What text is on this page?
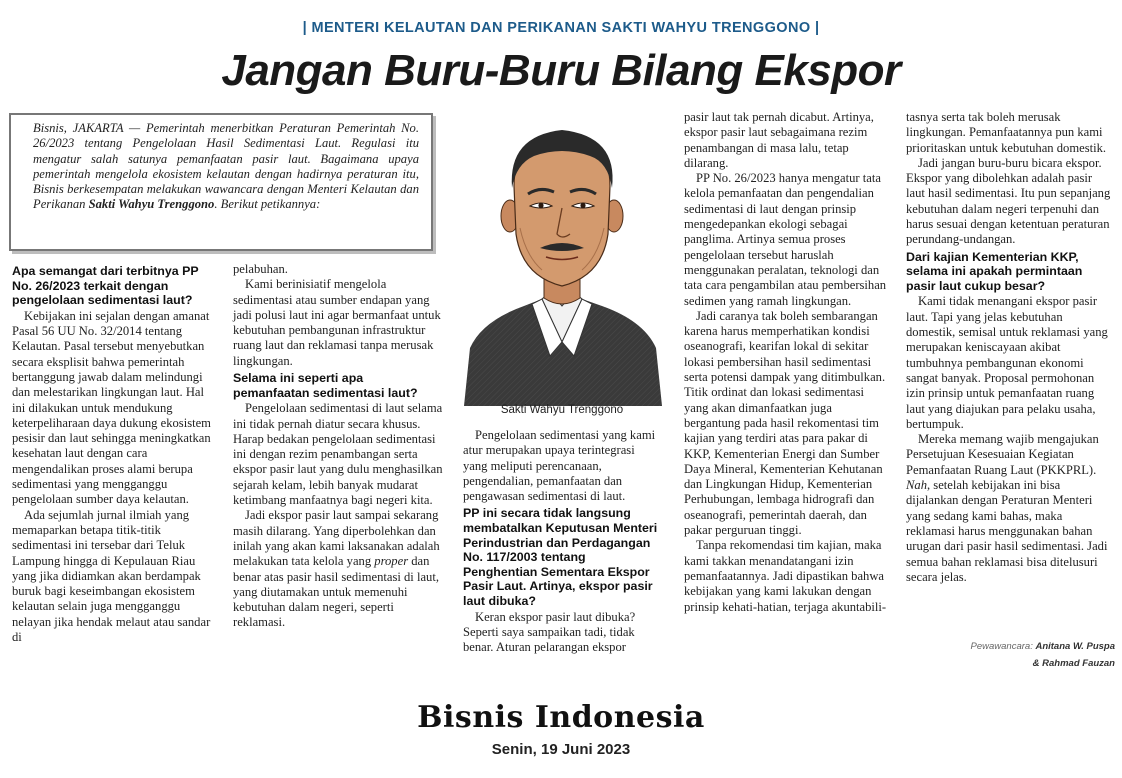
| MENTERI KELAUTAN DAN PERIKANAN SAKTI WAHYU TRENGGONO |
Jangan Buru-Buru Bilang Ekspor

Bisnis, JAKARTA — Pemerintah menerbitkan Peraturan Pemerintah No. 26/2023 tentang Pengelolaan Hasil Sedimentasi Laut. Regulasi itu mengatur salah satunya pemanfaatan pasir laut. Bagaimana upaya pemerintah mengelola ekosistem kelautan dengan hadirnya peraturan itu, Bisnis berkesempatan melakukan wawancara dengan Menteri Kelautan dan Perikanan Sakti Wahyu Trenggono. Berikut petikannya:

Apa semangat dari terbitnya PP No. 26/2023 terkait dengan pengelolaan sedimentasi laut?

Kebijakan ini sejalan dengan amanat Pasal 56 UU No. 32/2014 tentang Kelautan. Pasal tersebut menyebutkan secara eksplisit bahwa pemerintah bertanggung jawab dalam melindungi dan melestarikan lingkungan laut. Hal ini dilakukan untuk mendukung keterpeliharaan daya dukung ekosistem pesisir dan laut sehingga meningkatkan kesehatan laut dengan cara mengendalikan proses alami berupa sedimentasi yang mengganggu pengelolaan sumber daya kelautan.

Ada sejumlah jurnal ilmiah yang memaparkan betapa titik-titik sedimentasi ini tersebar dari Teluk Lampung hingga di Kepulauan Riau yang jika didiamkan akan berdampak buruk bagi keseimbangan ekosistem kelautan selain juga mengganggu nelayan jika hendak melaut atau sandar di

pelabuhan.

Kami berinisiatif mengelola sedimentasi atau sumber endapan yang jadi polusi laut ini agar bermanfaat untuk kebutuhan pembangunan infrastruktur ruang laut dan reklamasi tanpa merusak lingkungan.

Selama ini seperti apa pemanfaatan sedimentasi laut?

Pengelolaan sedimentasi di laut selama ini tidak pernah diatur secara khusus. Harap bedakan pengelolaan sedimentasi ini dengan rezim penambangan serta ekspor pasir laut yang dulu menghasilkan sejarah kelam, lebih banyak mudarat ketimbang manfaatnya bagi negeri kita.

Jadi ekspor pasir laut sampai sekarang masih dilarang. Yang diperbolehkan dan inilah yang akan kami laksanakan adalah melakukan tata kelola yang proper dan benar atas pasir hasil sedimentasi di laut, yang diutamakan untuk memenuhi kebutuhan dalam negeri, seperti reklamasi.

Sakti Wahyu Trenggono

Pengelolaan sedimentasi yang kami atur merupakan upaya terintegrasi yang meliputi perencanaan, pengendalian, pemanfaatan dan pengawasan sedimentasi di laut.

PP ini secara tidak langsung membatalkan Keputusan Menteri Perindustrian dan Perdagangan No. 117/2003 tentang Penghentian Sementara Ekspor Pasir Laut. Artinya, ekspor pasir laut dibuka?

Keran ekspor pasir laut dibuka? Seperti saya sampaikan tadi, tidak benar. Aturan pelarangan ekspor

pasir laut tak pernah dicabut. Artinya, ekspor pasir laut sebagaimana rezim penambangan di masa lalu, tetap dilarang.

PP No. 26/2023 hanya mengatur tata kelola pemanfaatan dan pengendalian sedimentasi di laut dengan prinsip mengedepankan ekologi sebagai panglima. Artinya semua proses pengelolaan tersebut haruslah menggunakan peralatan, teknologi dan tata cara pengambilan atau pembersihan sedimen yang ramah lingkungan.

Jadi caranya tak boleh sembarangan karena harus memperhatikan kondisi oseanografi, kearifan lokal di sekitar lokasi pembersihan hasil sedimentasi serta potensi dampak yang ditimbulkan. Titik ordinat dan lokasi sedimentasi yang akan dimanfaatkan juga bergantung pada hasil rekomentasi tim kajian yang terdiri atas para pakar di KKP, Kementerian Energi dan Sumber Daya Mineral, Kementerian Kehutanan dan Lingkungan Hidup, Kementerian Perhubungan, lembaga hidrografi dan oseanografi, pemerintah daerah, dan pakar perguruan tinggi.

Tanpa rekomendasi tim kajian, maka kami takkan menandatangani izin pemanfaatannya. Jadi dipastikan bahwa kebijakan yang kami lakukan dengan prinsip kehati-hatian, terjaga akuntabili-

tasnya serta tak boleh merusak lingkungan. Pemanfaatannya pun kami prioritaskan untuk kebutuhan domestik.

Jadi jangan buru-buru bicara ekspor. Ekspor yang dibolehkan adalah pasir laut hasil sedimentasi. Itu pun sepanjang kebutuhan dalam negeri terpenuhi dan harus sesuai dengan ketentuan peraturan perundang-undangan.

Dari kajian Kementerian KKP, selama ini apakah permintaan pasir laut cukup besar?

Kami tidak menangani ekspor pasir laut. Tapi yang jelas kebutuhan domestik, semisal untuk reklamasi yang merupakan keniscayaan akibat tumbuhnya pembangunan ekonomi sangat banyak. Proposal permohonan izin prinsip untuk pemanfaatan ruang laut yang diajukan para pelaku usaha, bertumpuk.

Mereka memang wajib mengajukan Persetujuan Kesesuaian Kegiatan Pemanfaatan Ruang Laut (PKKPRL). Nah, setelah kebijakan ini bisa dijalankan dengan Peraturan Menteri yang sedang kami bahas, maka reklamasi harus menggunakan bahan urugan dari pasir hasil sedimentasi. Jadi semua bahan reklamasi bisa ditelusuri secara jelas.

Pewawancara: Anitana W. Puspa
& Rahmad Fauzan
Bisnis Indonesia
Senin, 19 Juni 2023
